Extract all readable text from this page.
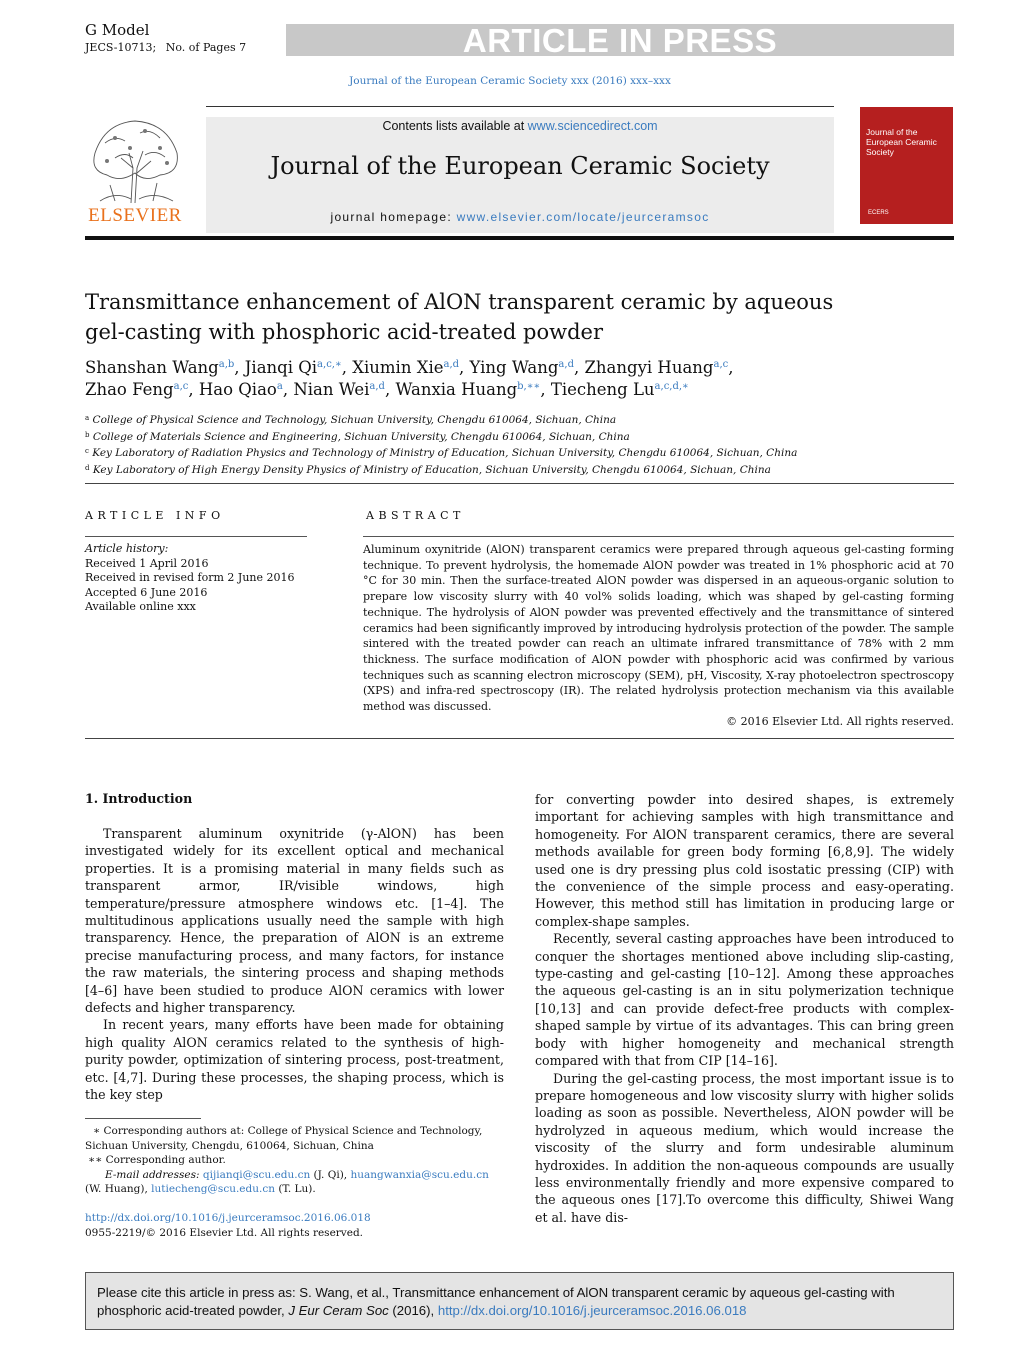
G Model
JECS-10713; No. of Pages 7	ARTICLE IN PRESS
Journal of the European Ceramic Society xxx (2016) xxx–xxx
ELSEVIER
Contents lists available at www.sciencedirect.com
Journal of the European Ceramic Society
journal homepage: www.elsevier.com/locate/jeurceramsoc
Journal of the European Ceramic Society
ECERS
Transmittance enhancement of AlON transparent ceramic by aqueous
gel-casting with phosphoric acid-treated powder
Shanshan Wang$^{a,b}$, Jianqi $Qi^{a,c,∗}$, Xiumin Xie$^{a,d}$, Ying Wang$^{a,d}$, Zhangyi Huang$^{a,c}$,
Zhao Feng$^{a,c}$, Hao Qiao$^a$, Nian Wei$^{a,d}$, Wanxia Huang$^{b,∗∗}$, Tiecheng $Lu^{a,c,d,∗}$
$^a$ College of Physical Science and Technology, Sichuan University, Chengdu 610064, Sichuan, China
$^b$ College of Materials Science and Engineering, Sichuan University, Chengdu 610064, Sichuan, China
$^c$ Key Laboratory of Radiation Physics and Technology of Ministry of Education, Sichuan University, Chengdu 610064, Sichuan, China
$^d$ Key Laboratory of High Energy Density Physics of Ministry of Education, Sichuan University, Chengdu 610064, Sichuan, China
ARTICLE INFO	ABSTRACT
Article history:
Received 1 April 2016
Received in revised form 2 June 2016
Accepted 6 June 2016
Available online xxx
Aluminum oxynitride (AlON) transparent ceramics were prepared through aqueous gel-casting forming technique. To prevent hydrolysis, the homemade AlON powder was treated in 1% phosphoric acid at 70 °C for 30 min. Then the surface-treated AlON powder was dispersed in an aqueous-organic solution to prepare low viscosity slurry with 40 vol% solids loading, which was shaped by gel-casting forming technique. The hydrolysis of AlON powder was prevented effectively and the transmittance of sintered ceramics had been significantly improved by introducing hydrolysis protection of the powder. The sample sintered with the treated powder can reach an ultimate infrared transmittance of 78% with 2 mm thickness. The surface modification of AlON powder with phosphoric acid was confirmed by various techniques such as scanning electron microscopy (SEM), pH, Viscosity, X-ray photoelectron spectroscopy (XPS) and infra-red spectroscopy (IR). The related hydrolysis protection mechanism via this available method was discussed.
© 2016 Elsevier Ltd. All rights reserved.
1. Introduction

Transparent aluminum oxynitride (γ-AlON) has been investigated widely for its excellent optical and mechanical properties. It is a promising material in many fields such as transparent armor, IR/visible windows, high temperature/pressure atmosphere windows etc. [1–4]. The multitudinous applications usually need the sample with high transparency. Hence, the preparation of AlON is an extreme precise manufacturing process, and many factors, for instance the raw materials, the sintering process and shaping methods [4–6] have been studied to produce AlON ceramics with lower defects and higher transparency.

In recent years, many efforts have been made for obtaining high quality AlON ceramics related to the synthesis of high-purity powder, optimization of sintering process, post-treatment, etc. [4,7]. During these processes, the shaping process, which is the key step

for converting powder into desired shapes, is extremely important for achieving samples with high transmittance and homogeneity. For AlON transparent ceramics, there are several methods available for green body forming [6,8,9]. The widely used one is dry pressing plus cold isostatic pressing (CIP) with the convenience of the simple process and easy-operating. However, this method still has limitation in producing large or complex-shape samples.

Recently, several casting approaches have been introduced to conquer the shortages mentioned above including slip-casting, type-casting and gel-casting [10–12]. Among these approaches the aqueous gel-casting is an in situ polymerization technique [10,13] and can provide defect-free products with complex-shaped sample by virtue of its advantages. This can bring green body with higher homogeneity and mechanical strength compared with that from CIP [14–16].

During the gel-casting process, the most important issue is to prepare homogeneous and low viscosity slurry with higher solids loading as soon as possible. Nevertheless, AlON powder will be hydrolyzed in aqueous medium, which would increase the viscosity of the slurry and form undesirable aluminum hydroxides. In addition the non-aqueous compounds are usually less environmentally friendly and more expensive compared to the aqueous ones [17].To overcome this difficulty, Shiwei Wang et al. have dis-

∗ Corresponding authors at: College of Physical Science and Technology, Sichuan University, Chengdu, 610064, Sichuan, China
∗∗ Corresponding author.
E-mail addresses: qijianqi@scu.edu.cn (J. Qi), huangwanxia@scu.edu.cn
(W. Huang), lutiecheng@scu.edu.cn (T. Lu).
http://dx.doi.org/10.1016/j.jeurceramsoc.2016.06.018
0955-2219/© 2016 Elsevier Ltd. All rights reserved.
Please cite this article in press as: S. Wang, et al., Transmittance enhancement of AlON transparent ceramic by aqueous gel-casting with phosphoric acid-treated powder, J Eur Ceram Soc (2016), http://dx.doi.org/10.1016/j.jeurceramsoc.2016.06.018
